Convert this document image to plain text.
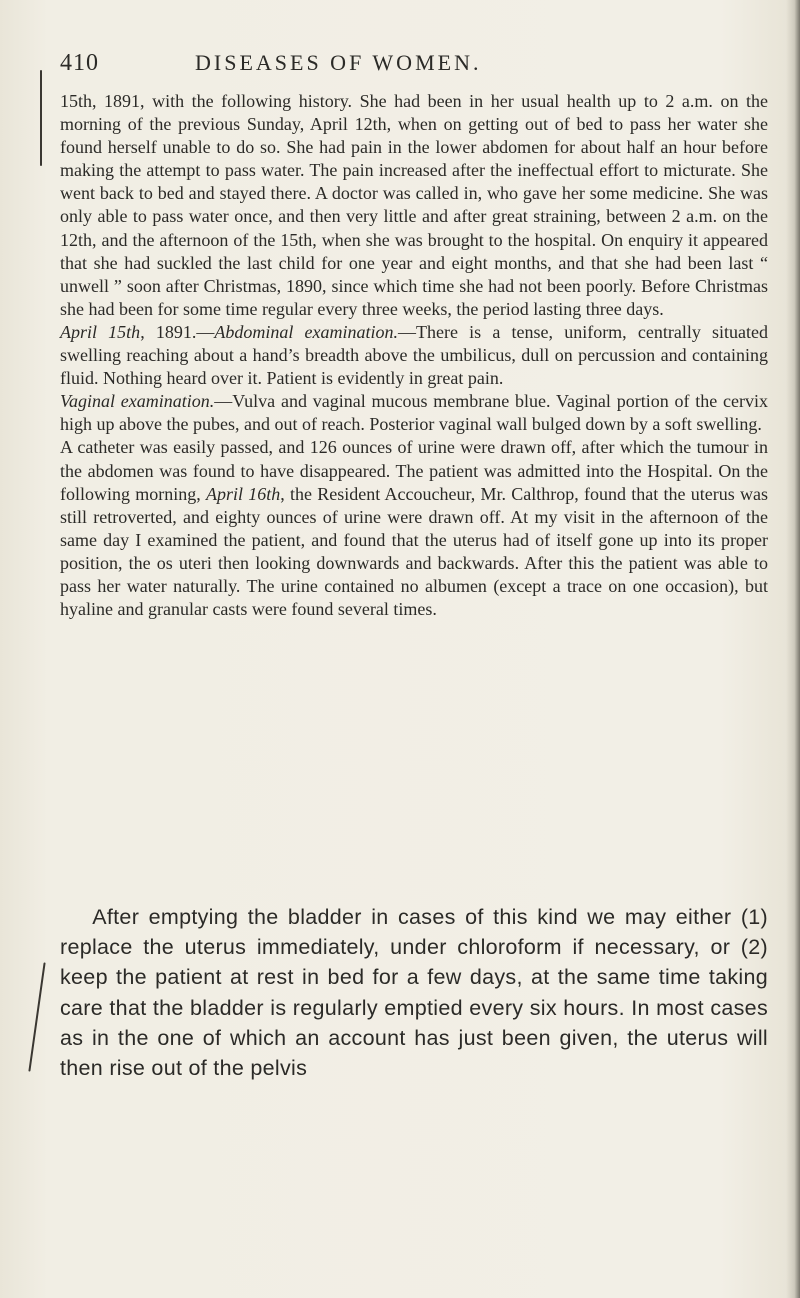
410	DISEASES OF WOMEN.

15th, 1891, with the following history. She had been in her usual health up to 2 a.m. on the morning of the previous Sunday, April 12th, when on getting out of bed to pass her water she found herself unable to do so. She had pain in the lower abdomen for about half an hour before making the attempt to pass water. The pain increased after the ineffectual effort to micturate. She went back to bed and stayed there. A doctor was called in, who gave her some medicine. She was only able to pass water once, and then very little and after great straining, between 2 a.m. on the 12th, and the afternoon of the 15th, when she was brought to the hospital. On enquiry it appeared that she had suckled the last child for one year and eight months, and that she had been last “ unwell ” soon after Christmas, 1890, since which time she had not been poorly. Before Christmas she had been for some time regular every three weeks, the period lasting three days.

April 15th, 1891.—Abdominal examination.—There is a tense, uniform, centrally situated swelling reaching about a hand’s breadth above the umbilicus, dull on percussion and containing fluid. Nothing heard over it. Patient is evidently in great pain.

Vaginal examination.—Vulva and vaginal mucous membrane blue. Vaginal portion of the cervix high up above the pubes, and out of reach. Posterior vaginal wall bulged down by a soft swelling.

A catheter was easily passed, and 126 ounces of urine were drawn off, after which the tumour in the abdomen was found to have disappeared. The patient was admitted into the Hospital. On the following morning, April 16th, the Resident Accoucheur, Mr. Calthrop, found that the uterus was still retroverted, and eighty ounces of urine were drawn off. At my visit in the afternoon of the same day I examined the patient, and found that the uterus had of itself gone up into its proper position, the os uteri then looking downwards and backwards. After this the patient was able to pass her water naturally. The urine contained no albumen (except a trace on one occasion), but hyaline and granular casts were found several times.

After emptying the bladder in cases of this kind we may either (1) replace the uterus immediately, under chloroform if necessary, or (2) keep the patient at rest in bed for a few days, at the same time taking care that the bladder is regularly emptied every six hours. In most cases as in the one of which an account has just been given, the uterus will then rise out of the pelvis
